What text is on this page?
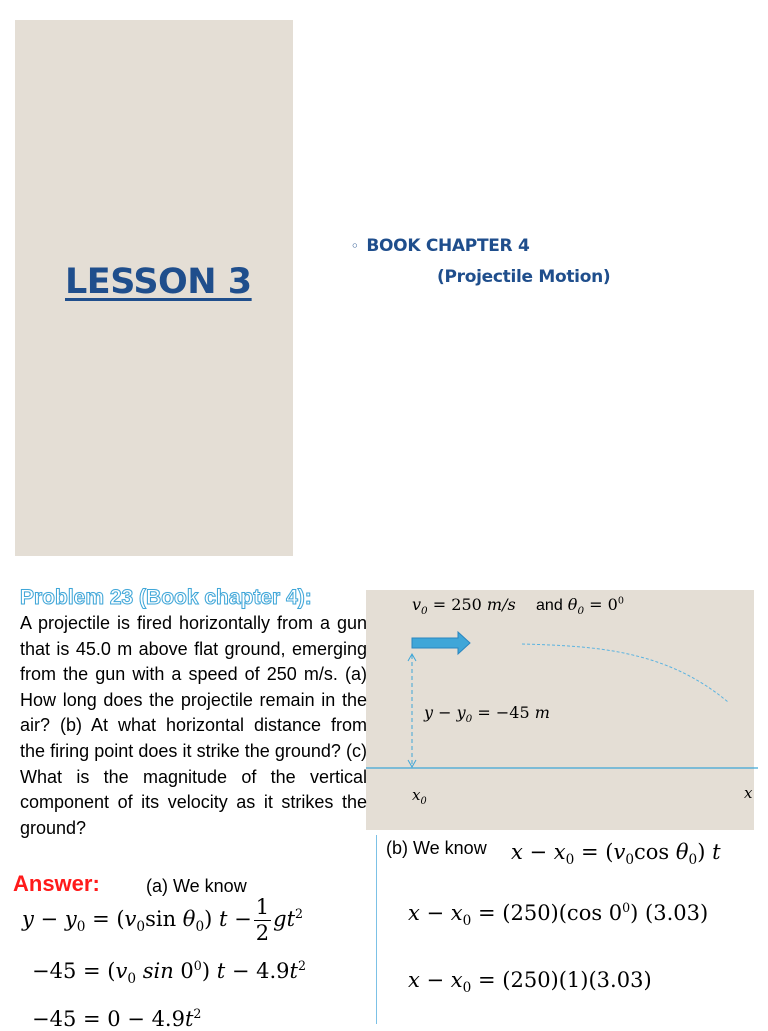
LESSON 3
◦ BOOK CHAPTER 4
(Projectile Motion)
Problem 23 (Book chapter 4):
A projectile is fired horizontally from a gun that is 45.0 m above flat ground, emerging from the gun with a speed of 250 m/s. (a) How long does the projectile remain in the air? (b) At what horizontal distance from the firing point does it strike the ground? (c) What is the magnitude of the vertical component of its velocity as it strikes the ground?
$v_0 = 250$ m/s    and $\theta_0 = 0^0$
$y - y_0 = -45$ m
$x_0$	x
Answer:	(a) We know
$y - y_0 = (v_0\sin$ $\theta_0$) $t - \frac{1}{2} gt^2$
$-45 = (v_0$ $\sin 0^0$) $t - 4.9t^2$
$-45 = 0 - 4.9t^2$
(b) We know $x - x_0 = (v_0\cos$ $\theta_0$) t
$x - x_0 = (250)(\cos$ $0^0$) (3.03)
$x - x_0 = (250)(1)(3.03)$
